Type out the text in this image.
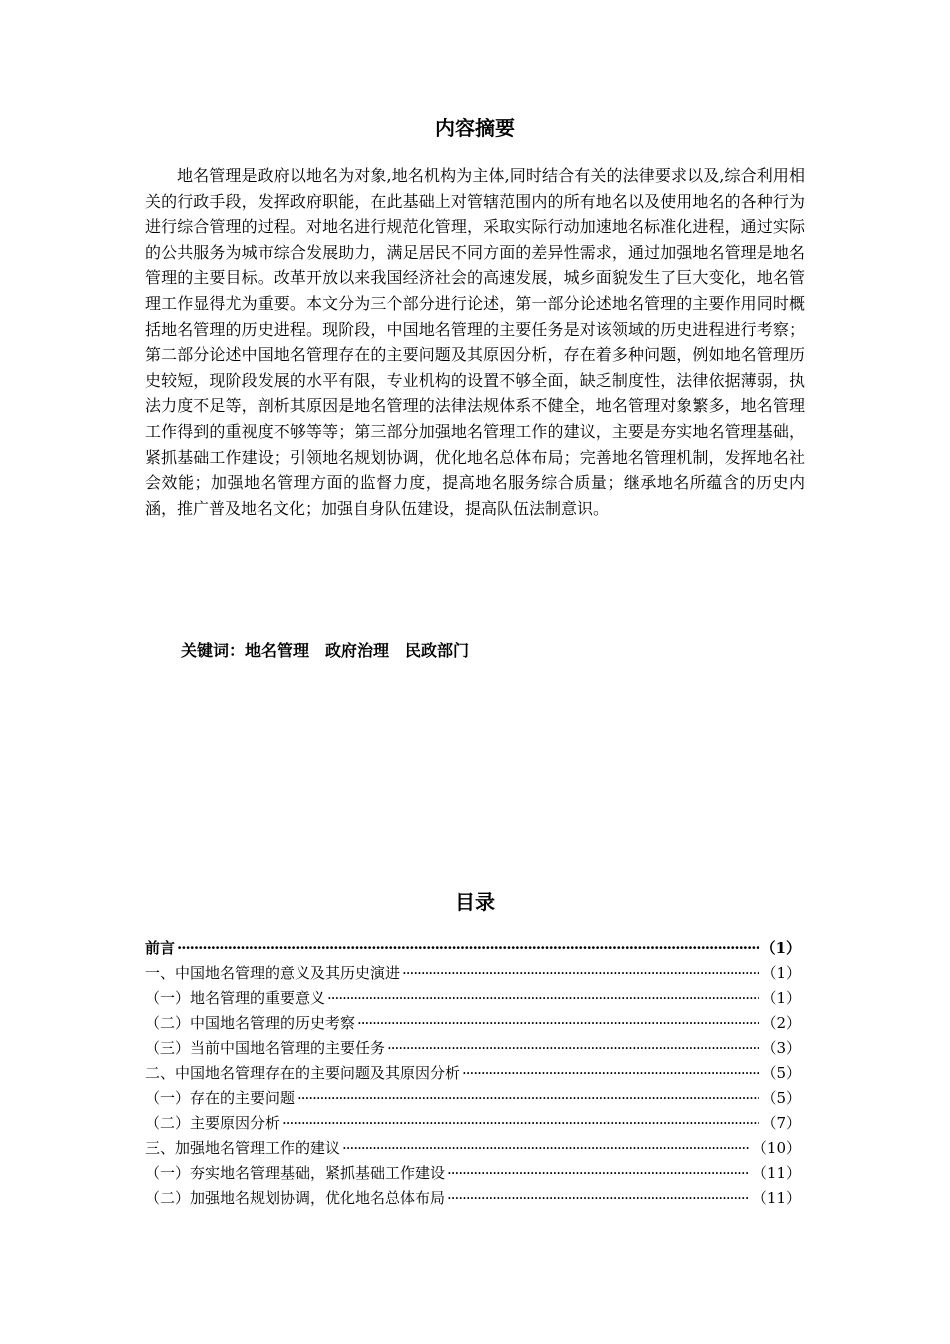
内容摘要

地名管理是政府以地名为对象,地名机构为主体,同时结合有关的法律要求以及,综合利用相关的行政手段，发挥政府职能，在此基础上对管辖范围内的所有地名以及使用地名的各种行为进行综合管理的过程。对地名进行规范化管理，采取实际行动加速地名标准化进程，通过实际的公共服务为城市综合发展助力，满足居民不同方面的差异性需求，通过加强地名管理是地名管理的主要目标。改革开放以来我国经济社会的高速发展，城乡面貌发生了巨大变化，地名管理工作显得尤为重要。本文分为三个部分进行论述，第一部分论述地名管理的主要作用同时概括地名管理的历史进程。现阶段，中国地名管理的主要任务是对该领域的历史进程进行考察；第二部分论述中国地名管理存在的主要问题及其原因分析，存在着多种问题，例如地名管理历史较短，现阶段发展的水平有限，专业机构的设置不够全面，缺乏制度性，法律依据薄弱，执法力度不足等，剖析其原因是地名管理的法律法规体系不健全，地名管理对象繁多，地名管理工作得到的重视度不够等等；第三部分加强地名管理工作的建议，主要是夯实地名管理基础，紧抓基础工作建设；引领地名规划协调，优化地名总体布局；完善地名管理机制，发挥地名社会效能；加强地名管理方面的监督力度，提高地名服务综合质量；继承地名所蕴含的历史内涵，推广普及地名文化；加强自身队伍建设，提高队伍法制意识。

关键词：地名管理　政府治理　民政部门
目录
前言 ·····	（1）
一、中国地名管理的意义及其历史演进 ·····	（1）
（一）地名管理的重要意义 ·····	（1）
（二）中国地名管理的历史考察 ·····	（2）
（三）当前中国地名管理的主要任务 ·····	（3）
二、中国地名管理存在的主要问题及其原因分析 ·····	（5）
（一）存在的主要问题 ·····	（5）
（二）主要原因分析 ·····	（7）
三、加强地名管理工作的建议 ·····	（10）
（一）夯实地名管理基础，紧抓基础工作建设 ·····	（11）
（二）加强地名规划协调，优化地名总体布局 ·····	（11）
